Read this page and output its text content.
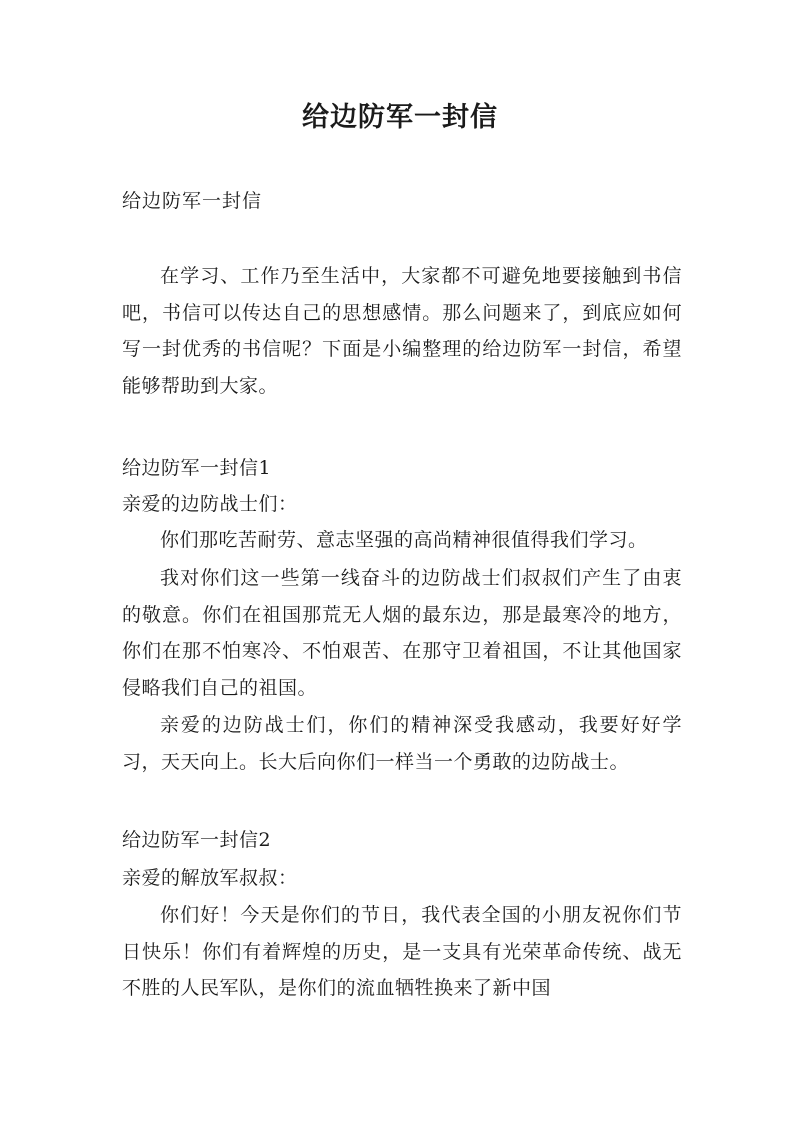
给边防军一封信
给边防军一封信

在学习、工作乃至生活中，大家都不可避免地要接触到书信吧，书信可以传达自己的思想感情。那么问题来了，到底应如何写一封优秀的书信呢？下面是小编整理的给边防军一封信，希望能够帮助到大家。

给边防军一封信1
亲爱的边防战士们：

你们那吃苦耐劳、意志坚强的高尚精神很值得我们学习。

我对你们这一些第一线奋斗的边防战士们叔叔们产生了由衷的敬意。你们在祖国那荒无人烟的最东边，那是最寒冷的地方，你们在那不怕寒冷、不怕艰苦、在那守卫着祖国，不让其他国家侵略我们自己的祖国。

亲爱的边防战士们，你们的精神深受我感动，我要好好学习，天天向上。长大后向你们一样当一个勇敢的边防战士。

给边防军一封信2
亲爱的解放军叔叔：

你们好！今天是你们的节日，我代表全国的小朋友祝你们节日快乐！你们有着辉煌的历史，是一支具有光荣革命传统、战无不胜的人民军队，是你们的流血牺牲换来了新中国
